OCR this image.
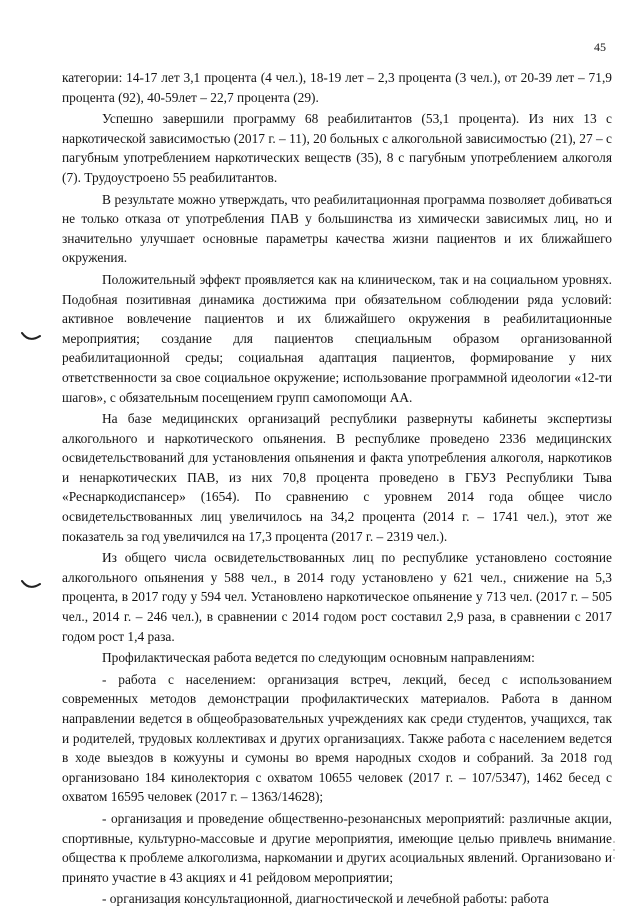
45

категории: 14-17 лет 3,1 процента (4 чел.), 18-19 лет – 2,3 процента (3 чел.), от 20-39 лет – 71,9 процента (92), 40-59лет – 22,7 процента (29).

Успешно завершили программу 68 реабилитантов (53,1 процента). Из них 13 с наркотической зависимостью (2017 г. – 11), 20 больных с алкогольной зависимостью (21), 27 – с пагубным употреблением наркотических веществ (35), 8 с пагубным употреблением алкоголя (7). Трудоустроено 55 реабилитантов.

В результате можно утверждать, что реабилитационная программа позволяет добиваться не только отказа от употребления ПАВ у большинства из химически зависимых лиц, но и значительно улучшает основные параметры качества жизни пациентов и их ближайшего окружения.

Положительный эффект проявляется как на клиническом, так и на социальном уровнях. Подобная позитивная динамика достижима при обязательном соблюдении ряда условий: активное вовлечение пациентов и их ближайшего окружения в реабилитационные мероприятия; создание для пациентов специальным образом организованной реабилитационной среды; социальная адаптация пациентов, формирование у них ответственности за свое социальное окружение; использование программной идеологии «12-ти шагов», с обязательным посещением групп самопомощи АА.

На базе медицинских организаций республики развернуты кабинеты экспертизы алкогольного и наркотического опьянения. В республике проведено 2336 медицинских освидетельствований для установления опьянения и факта употребления алкоголя, наркотиков и ненаркотических ПАВ, из них 70,8 процента проведено в ГБУЗ Республики Тыва «Реснаркодиспансер» (1654). По сравнению с уровнем 2014 года общее число освидетельствованных лиц увеличилось на 34,2 процента (2014 г. – 1741 чел.), этот же показатель за год увеличился на 17,3 процента (2017 г. – 2319 чел.).

Из общего числа освидетельствованных лиц по республике установлено состояние алкогольного опьянения у 588 чел., в 2014 году установлено у 621 чел., снижение на 5,3 процента, в 2017 году у 594 чел. Установлено наркотическое опьянение у 713 чел. (2017 г. – 505 чел., 2014 г. – 246 чел.), в сравнении с 2014 годом рост составил 2,9 раза, в сравнении с 2017 годом рост 1,4 раза.

Профилактическая работа ведется по следующим основным направлениям:

- работа с населением: организация встреч, лекций, бесед с использованием современных методов демонстрации профилактических материалов. Работа в данном направлении ведется в общеобразовательных учреждениях как среди студентов, учащихся, так и родителей, трудовых коллективах и других организациях. Также работа с населением ведется в ходе выездов в кожууны и сумоны во время народных сходов и собраний. За 2018 год организовано 184 кинолектория с охватом 10655 человек (2017 г. – 107/5347), 1462 бесед с охватом 16595 человек (2017 г. – 1363/14628);

- организация и проведение общественно-резонансных мероприятий: различные акции, спортивные, культурно-массовые и другие мероприятия, имеющие целью привлечь внимание общества к проблеме алкоголизма, наркомании и других асоциальных явлений. Организовано и принято участие в 43 акциях и 41 рейдовом мероприятии;

- организация консультационной, диагностической и лечебной работы: работа
